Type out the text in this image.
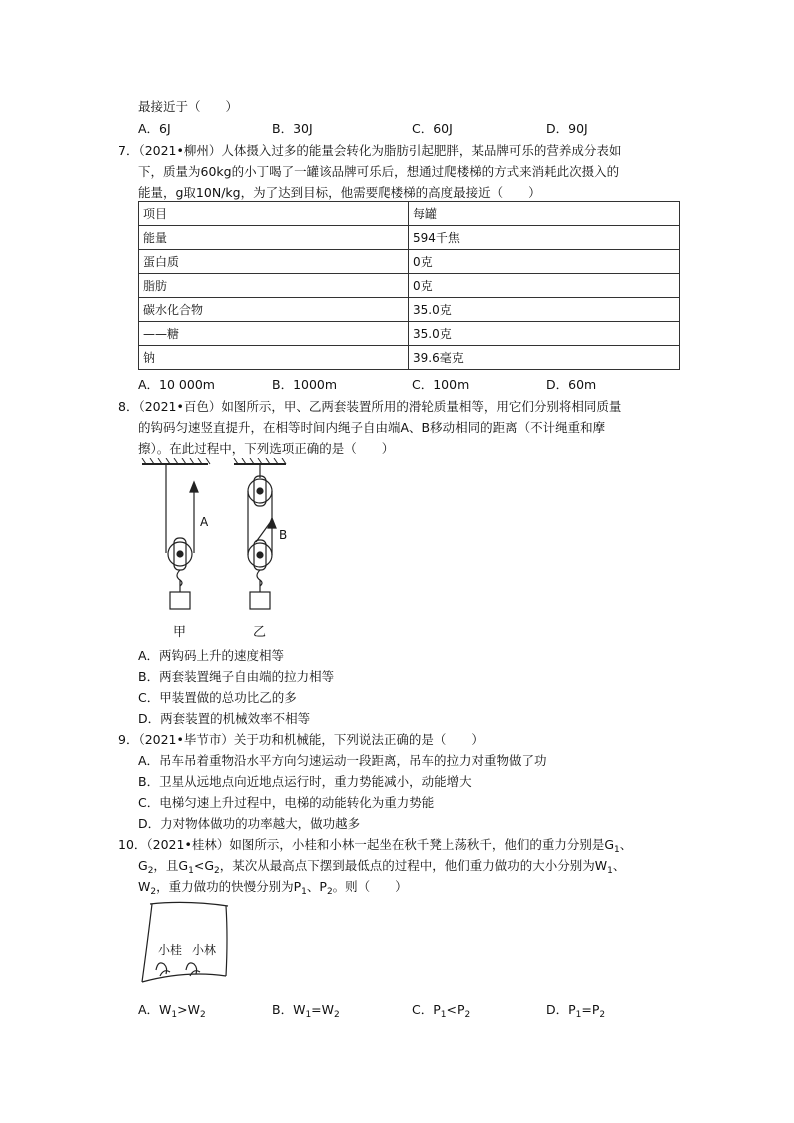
最接近于（　　）
A．6J	B．30J	C．60J	D．90J
7．（2021•柳州）人体摄入过多的能量会转化为脂肪引起肥胖，某品牌可乐的营养成分表如
下，质量为60kg的小丁喝了一罐该品牌可乐后，想通过爬楼梯的方式来消耗此次摄入的
能量，g取10N/kg，为了达到目标，他需要爬楼梯的高度最接近（　　）
项目	每罐
能量	594千焦
蛋白质	0克
脂肪	0克
碳水化合物	35.0克
——糖	35.0克
钠	39.6毫克
A．10 000m	B．1000m	C．100m	D．60m
8．（2021•百色）如图所示，甲、乙两套装置所用的滑轮质量相等，用它们分别将相同质量
的钩码匀速竖直提升，在相等时间内绳子自由端A、B移动相同的距离（不计绳重和摩
擦）。在此过程中，下列选项正确的是（　　）
A
B
甲	乙
A．两钩码上升的速度相等
B．两套装置绳子自由端的拉力相等
C．甲装置做的总功比乙的多
D．两套装置的机械效率不相等
9．（2021•毕节市）关于功和机械能，下列说法正确的是（　　）
A．吊车吊着重物沿水平方向匀速运动一段距离，吊车的拉力对重物做了功
B．卫星从远地点向近地点运行时，重力势能减小，动能增大
C．电梯匀速上升过程中，电梯的动能转化为重力势能
D．力对物体做功的功率越大，做功越多
10．（2021•桂林）如图所示，小桂和小林一起坐在秋千凳上荡秋千，他们的重力分别是$G_1$、
$G_2$，且$G_1<G_2$，某次从最高点下摆到最低点的过程中，他们重力做功的大小分别为$W_1$、
$W_2$，重力做功的快慢分别为$P_1$、$P_2$。则（　　）
小桂 小林
A．$W_1>W_2$	B．$W_1=W_2$	C．$P_1<P_2$	D．$P_1=P_2$
